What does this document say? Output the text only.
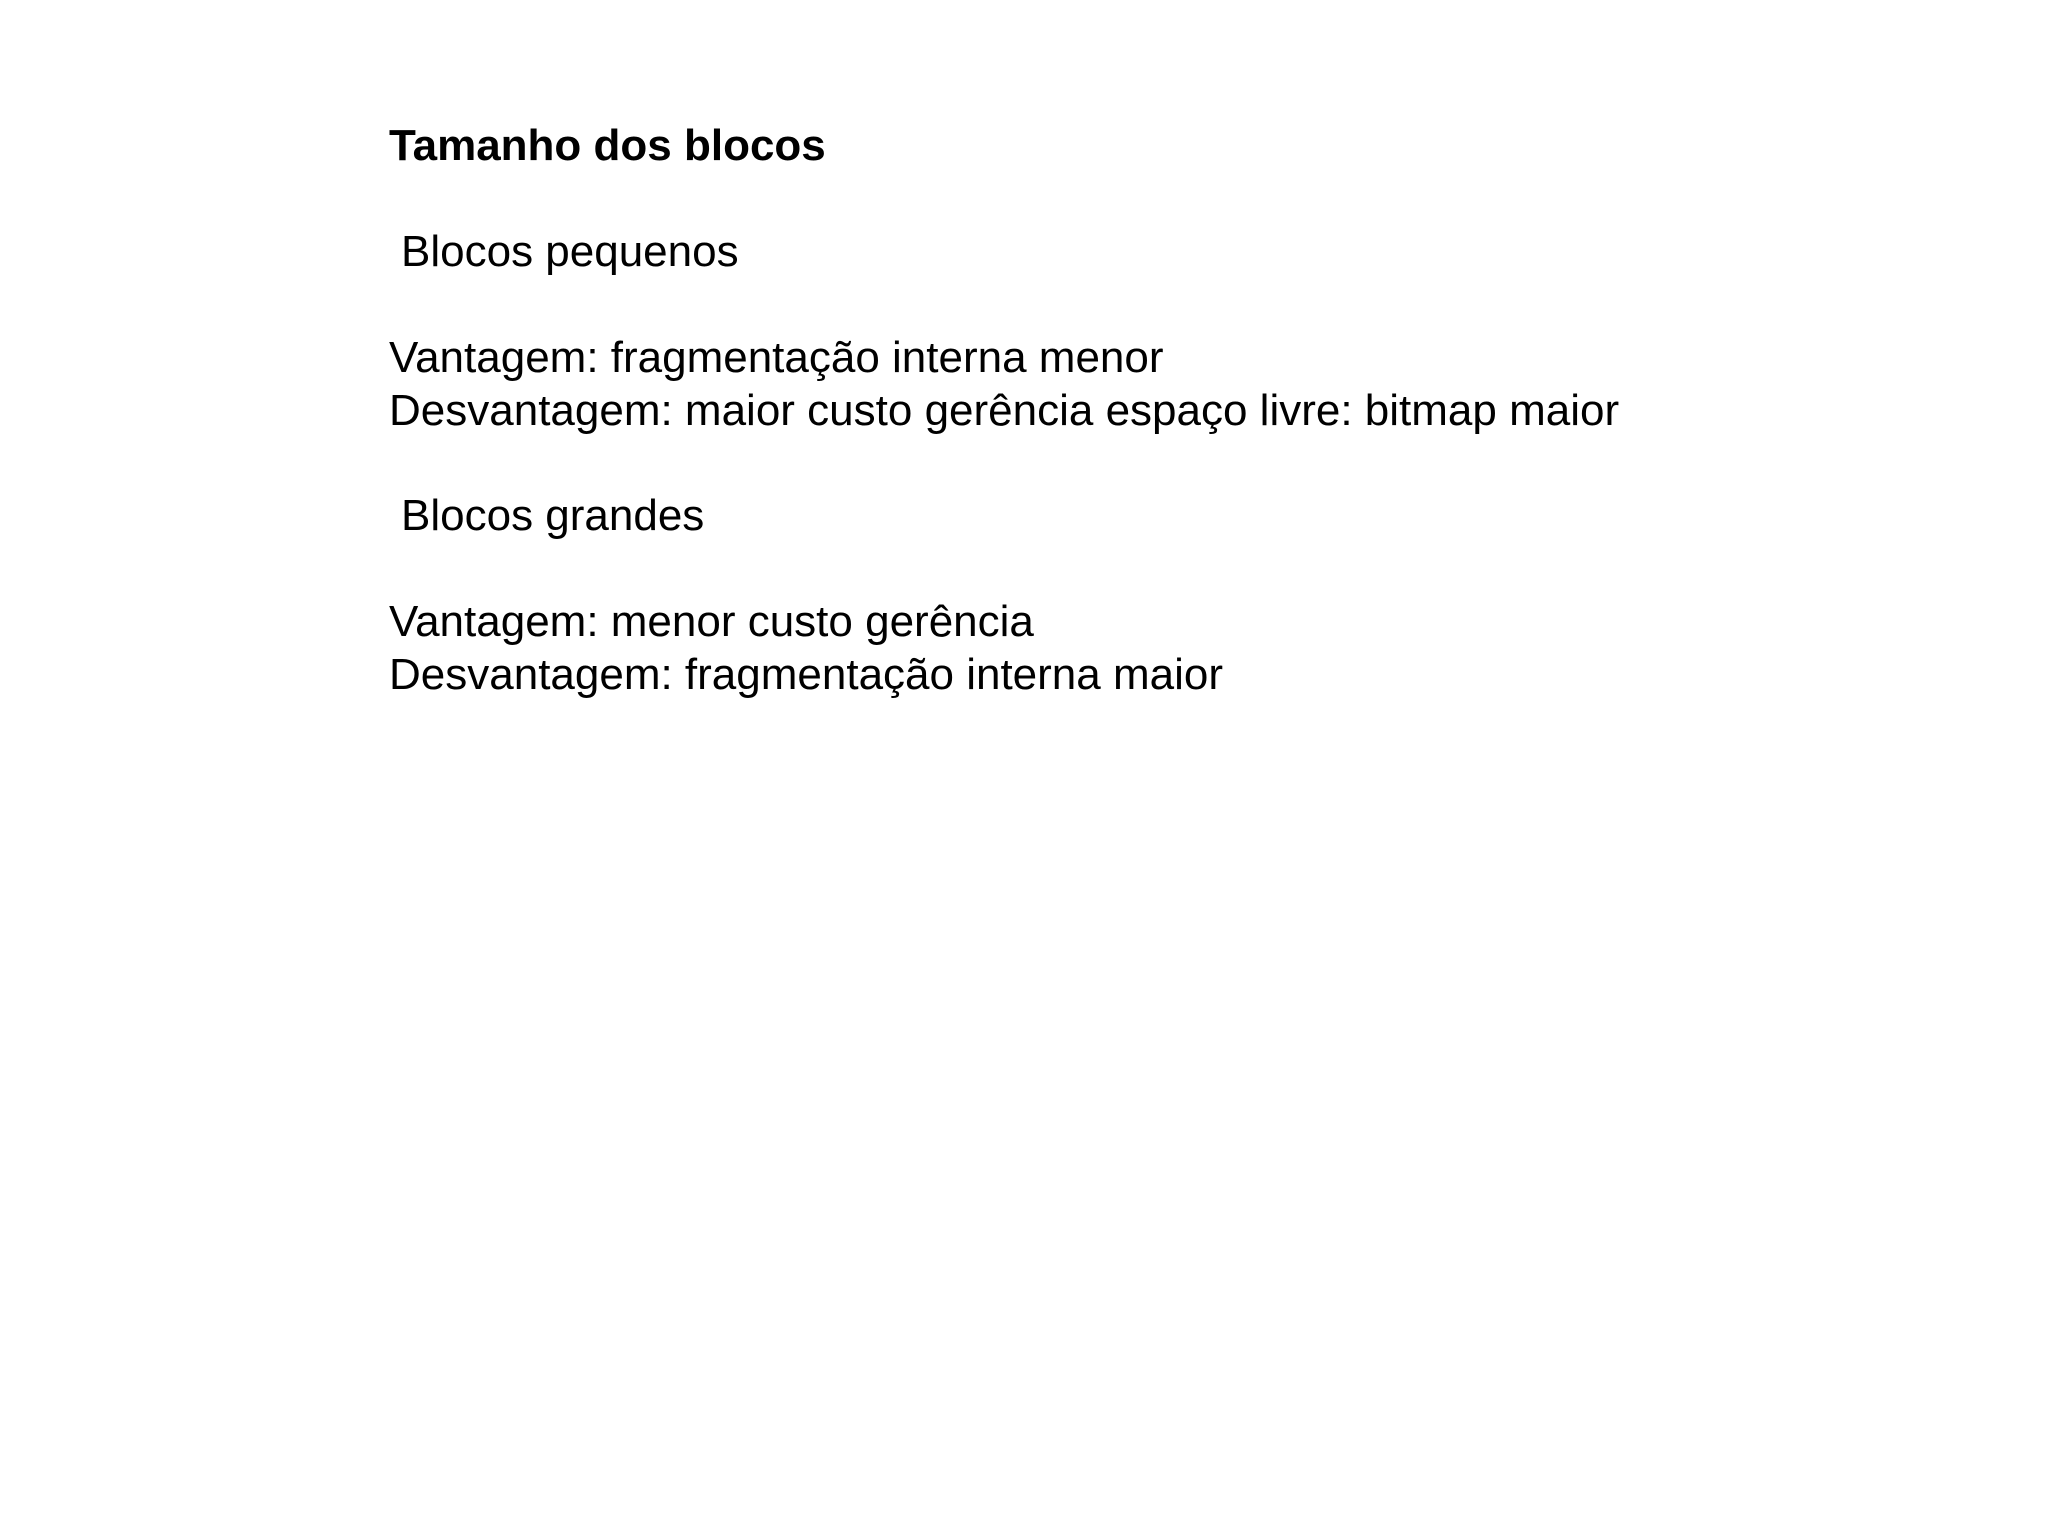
Tamanho dos blocos
Blocos pequenos
Vantagem: fragmentação interna menor
Desvantagem: maior custo gerência espaço livre: bitmap maior
Blocos grandes
Vantagem: menor custo gerência
Desvantagem: fragmentação interna maior
